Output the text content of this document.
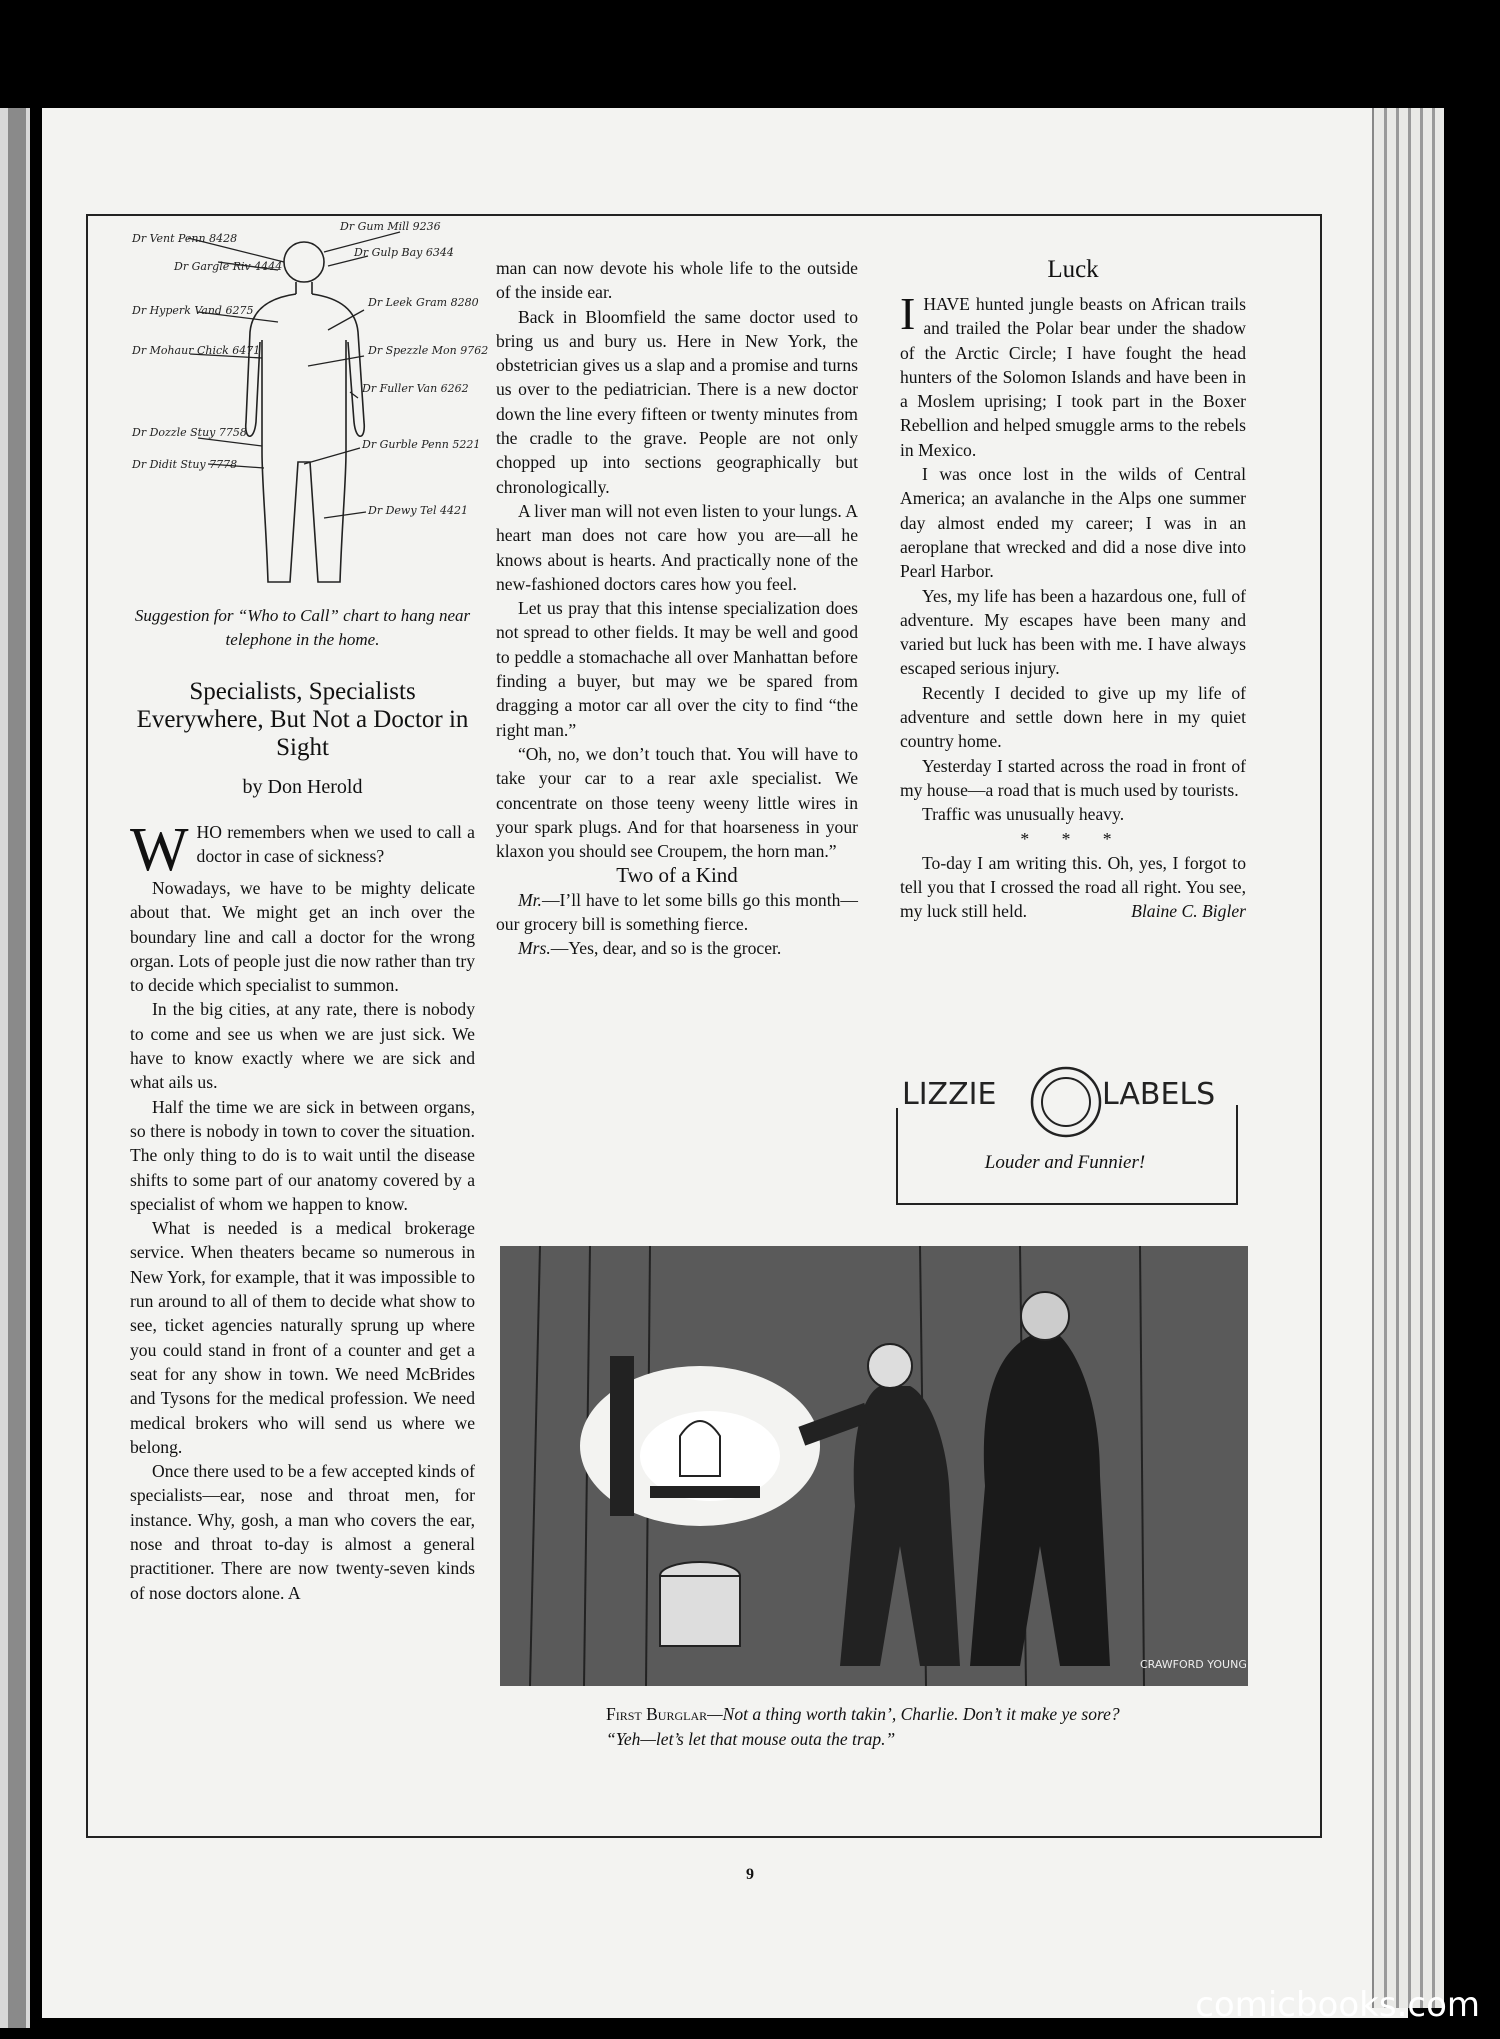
Dr Vent Penn 8428
Dr Gum Mill 9236
Dr Gargle Riv 4444
Dr Gulp Bay 6344
Dr Hyperk Vand 6275
Dr Leek Gram 8280
Dr Mohaur Chick 6471	Dr Spezzle Mon 9762
Dr Fuller Van 6262
Dr Dozzle Stuy 7758
Dr Didit Stuy 7778
Dr Gurble Penn 5221
Dr Dewy Tel 4421
Suggestion for “Who to Call” chart to hang near telephone in the home.
Specialists, Specialists Everywhere, But Not a Doctor in Sight
by Don Herold

WHO remembers when we used to call a doctor in case of sickness?

Nowadays, we have to be mighty delicate about that. We might get an inch over the boundary line and call a doctor for the wrong organ. Lots of people just die now rather than try to decide which specialist to summon.

In the big cities, at any rate, there is nobody to come and see us when we are just sick. We have to know exactly where we are sick and what ails us.

Half the time we are sick in between organs, so there is nobody in town to cover the situation. The only thing to do is to wait until the disease shifts to some part of our anatomy covered by a specialist of whom we happen to know.

What is needed is a medical brokerage service. When theaters became so numerous in New York, for example, that it was impossible to run around to all of them to decide what show to see, ticket agencies naturally sprung up where you could stand in front of a counter and get a seat for any show in town. We need McBrides and Tysons for the medical profession. We need medical brokers who will send us where we belong.

Once there used to be a few accepted kinds of specialists—ear, nose and throat men, for instance. Why, gosh, a man who covers the ear, nose and throat to-day is almost a general practitioner. There are now twenty-seven kinds of nose doctors alone. A

man can now devote his whole life to the outside of the inside ear.

Back in Bloomfield the same doctor used to bring us and bury us. Here in New York, the obstetrician gives us a slap and a promise and turns us over to the pediatrician. There is a new doctor down the line every fifteen or twenty minutes from the cradle to the grave. People are not only chopped up into sections geographically but chronologically.

A liver man will not even listen to your lungs. A heart man does not care how you are—all he knows about is hearts. And practically none of the new-fashioned doctors cares how you feel.

Let us pray that this intense specialization does not spread to other fields. It may be well and good to peddle a stomachache all over Manhattan before finding a buyer, but may we be spared from dragging a motor car all over the city to find “the right man.”

“Oh, no, we don’t touch that. You will have to take your car to a rear axle specialist. We concentrate on those teeny weeny little wires in your spark plugs. And for that hoarseness in your klaxon you should see Croupem, the horn man.”

Two of a Kind

Mr.—I’ll have to let some bills go this month—our grocery bill is something fierce.

Mrs.—Yes, dear, and so is the grocer.

Luck

IHAVE hunted jungle beasts on African trails and trailed the Polar bear under the shadow of the Arctic Circle; I have fought the head hunters of the Solomon Islands and have been in a Moslem uprising; I took part in the Boxer Rebellion and helped smuggle arms to the rebels in Mexico.

I was once lost in the wilds of Central America; an avalanche in the Alps one summer day almost ended my career; I was in an aeroplane that wrecked and did a nose dive into Pearl Harbor.

Yes, my life has been a hazardous one, full of adventure. My escapes have been many and varied but luck has been with me. I have always escaped serious injury.

Recently I decided to give up my life of adventure and settle down here in my quiet country home.

Yesterday I started across the road in front of my house—a road that is much used by tourists.

Traffic was unusually heavy.

* * *

To-day I am writing this. Oh, yes, I forgot to tell you that I crossed the road all right. You see, my luck still held.	Blaine C. Bigler

LIZZIE	LABELS
Louder and Funnier!
CRAWFORD YOUNG
First Burglar—Not a thing worth takin’, Charlie. Don’t it make ye sore?
“Yeh—let’s let that mouse outa the trap.”
9
comicbooks.com
